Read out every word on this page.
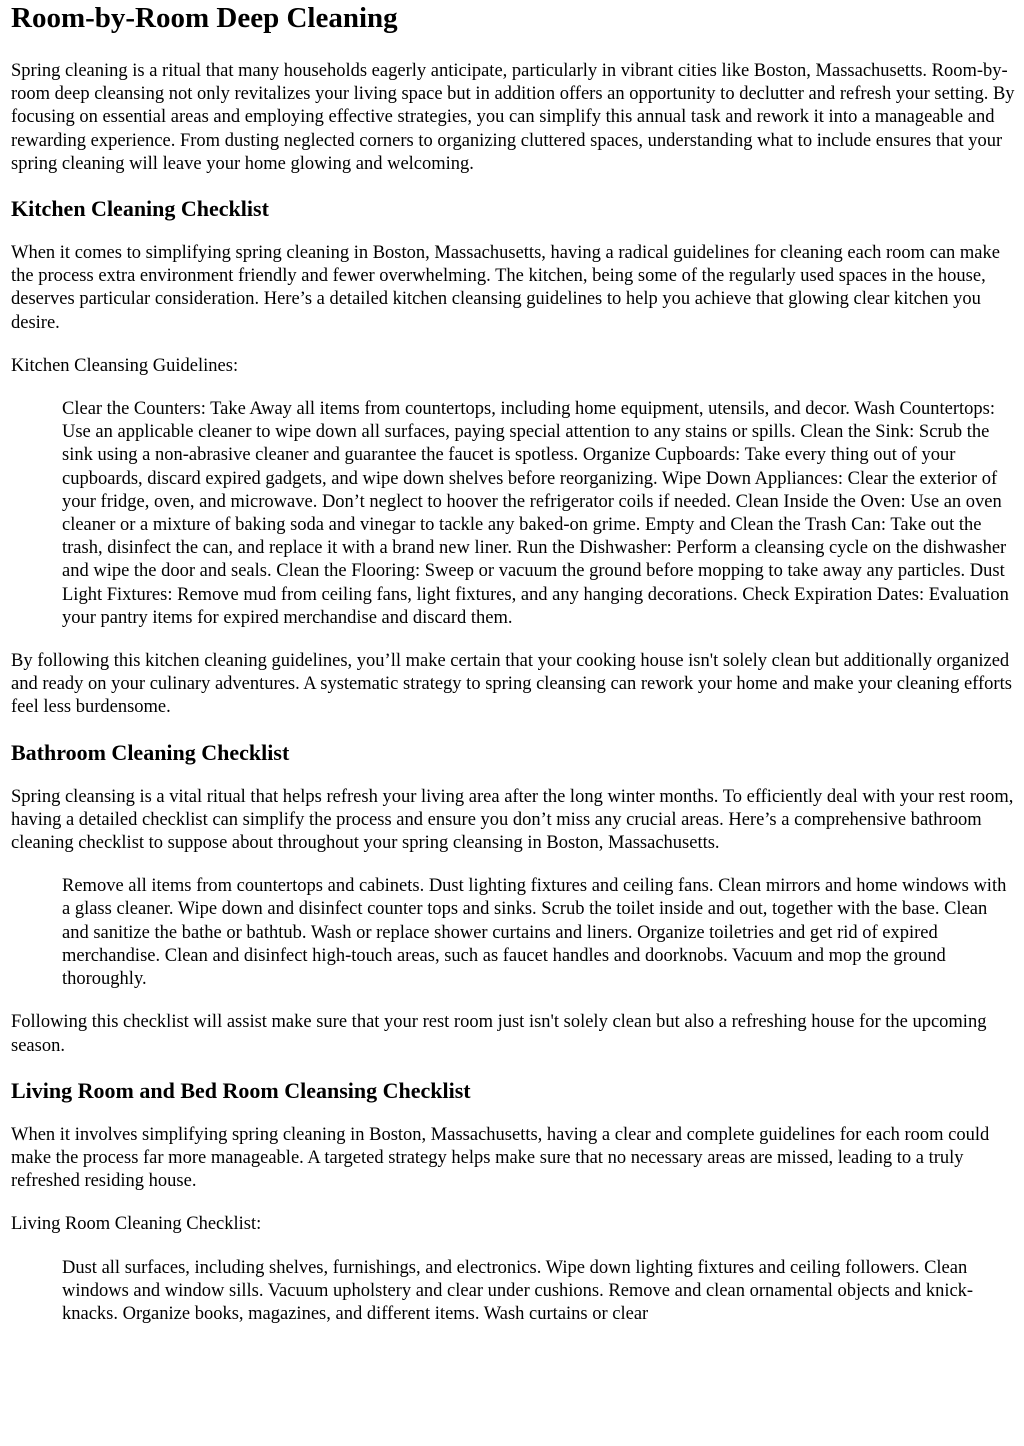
Room-by-Room Deep Cleaning

Spring cleaning is a ritual that many households eagerly anticipate, particularly in vibrant cities like Boston, Massachusetts. Room-by-room deep cleansing not only revitalizes your living space but in addition offers an opportunity to declutter and refresh your setting. By focusing on essential areas and employing effective strategies, you can simplify this annual task and rework it into a manageable and rewarding experience. From dusting neglected corners to organizing cluttered spaces, understanding what to include ensures that your spring cleaning will leave your home glowing and welcoming.

Kitchen Cleaning Checklist

When it comes to simplifying spring cleaning in Boston, Massachusetts, having a radical guidelines for cleaning each room can make the process extra environment friendly and fewer overwhelming. The kitchen, being some of the regularly used spaces in the house, deserves particular consideration. Here’s a detailed kitchen cleansing guidelines to help you achieve that glowing clear kitchen you desire.

Kitchen Cleansing Guidelines:

Clear the Counters: Take Away all items from countertops, including home equipment, utensils, and decor. Wash Countertops: Use an applicable cleaner to wipe down all surfaces, paying special attention to any stains or spills. Clean the Sink: Scrub the sink using a non-abrasive cleaner and guarantee the faucet is spotless. Organize Cupboards: Take every thing out of your cupboards, discard expired gadgets, and wipe down shelves before reorganizing. Wipe Down Appliances: Clear the exterior of your fridge, oven, and microwave. Don’t neglect to hoover the refrigerator coils if needed. Clean Inside the Oven: Use an oven cleaner or a mixture of baking soda and vinegar to tackle any baked-on grime. Empty and Clean the Trash Can: Take out the trash, disinfect the can, and replace it with a brand new liner. Run the Dishwasher: Perform a cleansing cycle on the dishwasher and wipe the door and seals. Clean the Flooring: Sweep or vacuum the ground before mopping to take away any particles. Dust Light Fixtures: Remove mud from ceiling fans, light fixtures, and any hanging decorations. Check Expiration Dates: Evaluation your pantry items for expired merchandise and discard them.

By following this kitchen cleaning guidelines, you’ll make certain that your cooking house isn't solely clean but additionally organized and ready on your culinary adventures. A systematic strategy to spring cleansing can rework your home and make your cleaning efforts feel less burdensome.

Bathroom Cleaning Checklist

Spring cleansing is a vital ritual that helps refresh your living area after the long winter months. To efficiently deal with your rest room, having a detailed checklist can simplify the process and ensure you don’t miss any crucial areas. Here’s a comprehensive bathroom cleaning checklist to suppose about throughout your spring cleansing in Boston, Massachusetts.

Remove all items from countertops and cabinets. Dust lighting fixtures and ceiling fans. Clean mirrors and home windows with a glass cleaner. Wipe down and disinfect counter tops and sinks. Scrub the toilet inside and out, together with the base. Clean and sanitize the bathe or bathtub. Wash or replace shower curtains and liners. Organize toiletries and get rid of expired merchandise. Clean and disinfect high-touch areas, such as faucet handles and doorknobs. Vacuum and mop the ground thoroughly.

Following this checklist will assist make sure that your rest room just isn't solely clean but also a refreshing house for the upcoming season.

Living Room and Bed Room Cleansing Checklist

When it involves simplifying spring cleaning in Boston, Massachusetts, having a clear and complete guidelines for each room could make the process far more manageable. A targeted strategy helps make sure that no necessary areas are missed, leading to a truly refreshed residing house.

Living Room Cleaning Checklist:

Dust all surfaces, including shelves, furnishings, and electronics. Wipe down lighting fixtures and ceiling followers. Clean windows and window sills. Vacuum upholstery and clear under cushions. Remove and clean ornamental objects and knick-knacks. Organize books, magazines, and different items. Wash curtains or clear
